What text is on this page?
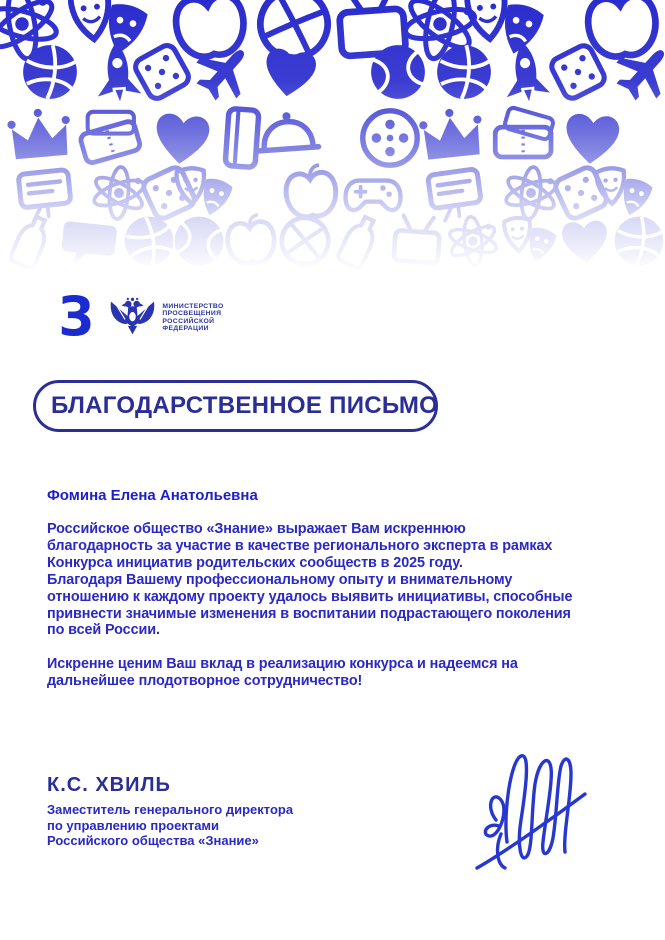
З	МИНИСТЕРСТВО
ПРОСВЕЩЕНИЯ
РОССИЙСКОЙ
ФЕДЕРАЦИИ
БЛАГОДАРСТВЕННОЕ ПИСЬМО
Фомина Елена Анатольевна
Российское общество «Знание» выражает Вам искреннюю
благодарность за участие в качестве регионального эксперта в рамках
Конкурса инициатив родительских сообществ в 2025 году.
Благодаря Вашему профессиональному опыту и внимательному
отношению к каждому проекту удалось выявить инициативы, способные
привнести значимые изменения в воспитании подрастающего поколения
по всей России.
Искренне ценим Ваш вклад в реализацию конкурса и надеемся на
дальнейшее плодотворное сотрудничество!
К.С. ХВИЛЬ
Заместитель генерального директора
по управлению проектами
Российского общества «Знание»
